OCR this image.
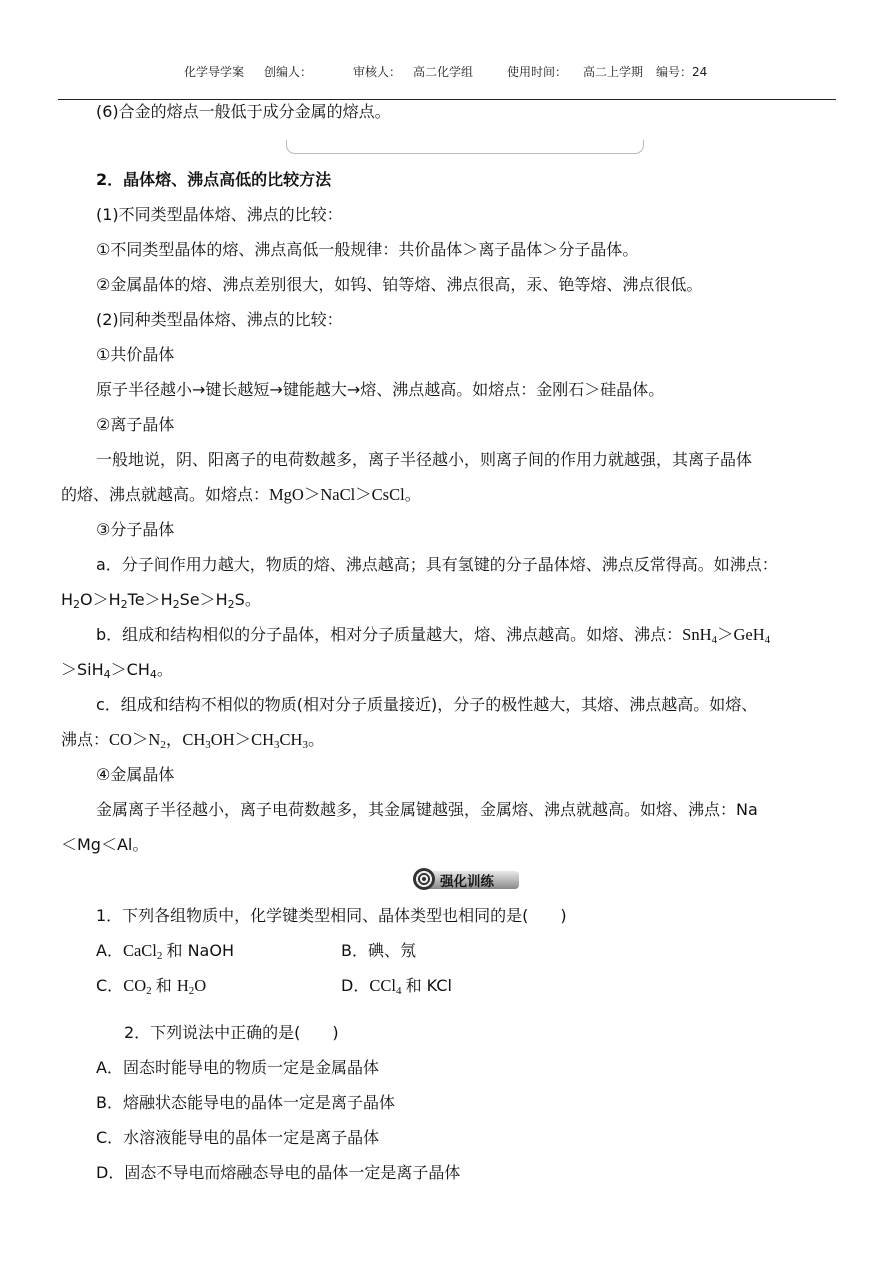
化学导学案 创编人：	审核人： 高二化学组	使用时间： 高二上学期 编号：24
(6)合金的熔点一般低于成分金属的熔点。
2．晶体熔、沸点高低的比较方法
(1)不同类型晶体熔、沸点的比较：
①不同类型晶体的熔、沸点高低一般规律：共价晶体＞离子晶体＞分子晶体。
②金属晶体的熔、沸点差别很大，如钨、铂等熔、沸点很高，汞、铯等熔、沸点很低。
(2)同种类型晶体熔、沸点的比较：
①共价晶体
原子半径越小→键长越短→键能越大→熔、沸点越高。如熔点：金刚石＞硅晶体。
②离子晶体
一般地说，阴、阳离子的电荷数越多，离子半径越小，则离子间的作用力就越强，其离子晶体
的熔、沸点就越高。如熔点：MgO＞NaCl＞CsCl。
③分子晶体
a．分子间作用力越大，物质的熔、沸点越高；具有氢键的分子晶体熔、沸点反常得高。如沸点：
$H_2O>H_2Te>H_2Se>H_2S$。
b．组成和结构相似的分子晶体，相对分子质量越大，熔、沸点越高。如熔、沸点：SnH$_4$＞GeH$_4$
$>SiH_4>CH_4$。
c．组成和结构不相似的物质(相对分子质量接近)，分子的极性越大，其熔、沸点越高。如熔、
沸点：$CO>N_2$，$CH_3OH>CH_3CH_3$。
④金属晶体
金属离子半径越小，离子电荷数越多，其金属键越强，金属熔、沸点就越高。如熔、沸点：Na
＜Mg＜Al。
强化训练
1．下列各组物质中，化学键类型相同、晶体类型也相同的是(　　)
A．CaCl$_2$ 和 NaOH	B．碘、氖
C．$CO_2$ 和 $H_2O$	D．CCl$_4$ 和 KCl
2．下列说法中正确的是(　　)
A．固态时能导电的物质一定是金属晶体
B．熔融状态能导电的晶体一定是离子晶体
C．水溶液能导电的晶体一定是离子晶体
D．固态不导电而熔融态导电的晶体一定是离子晶体
